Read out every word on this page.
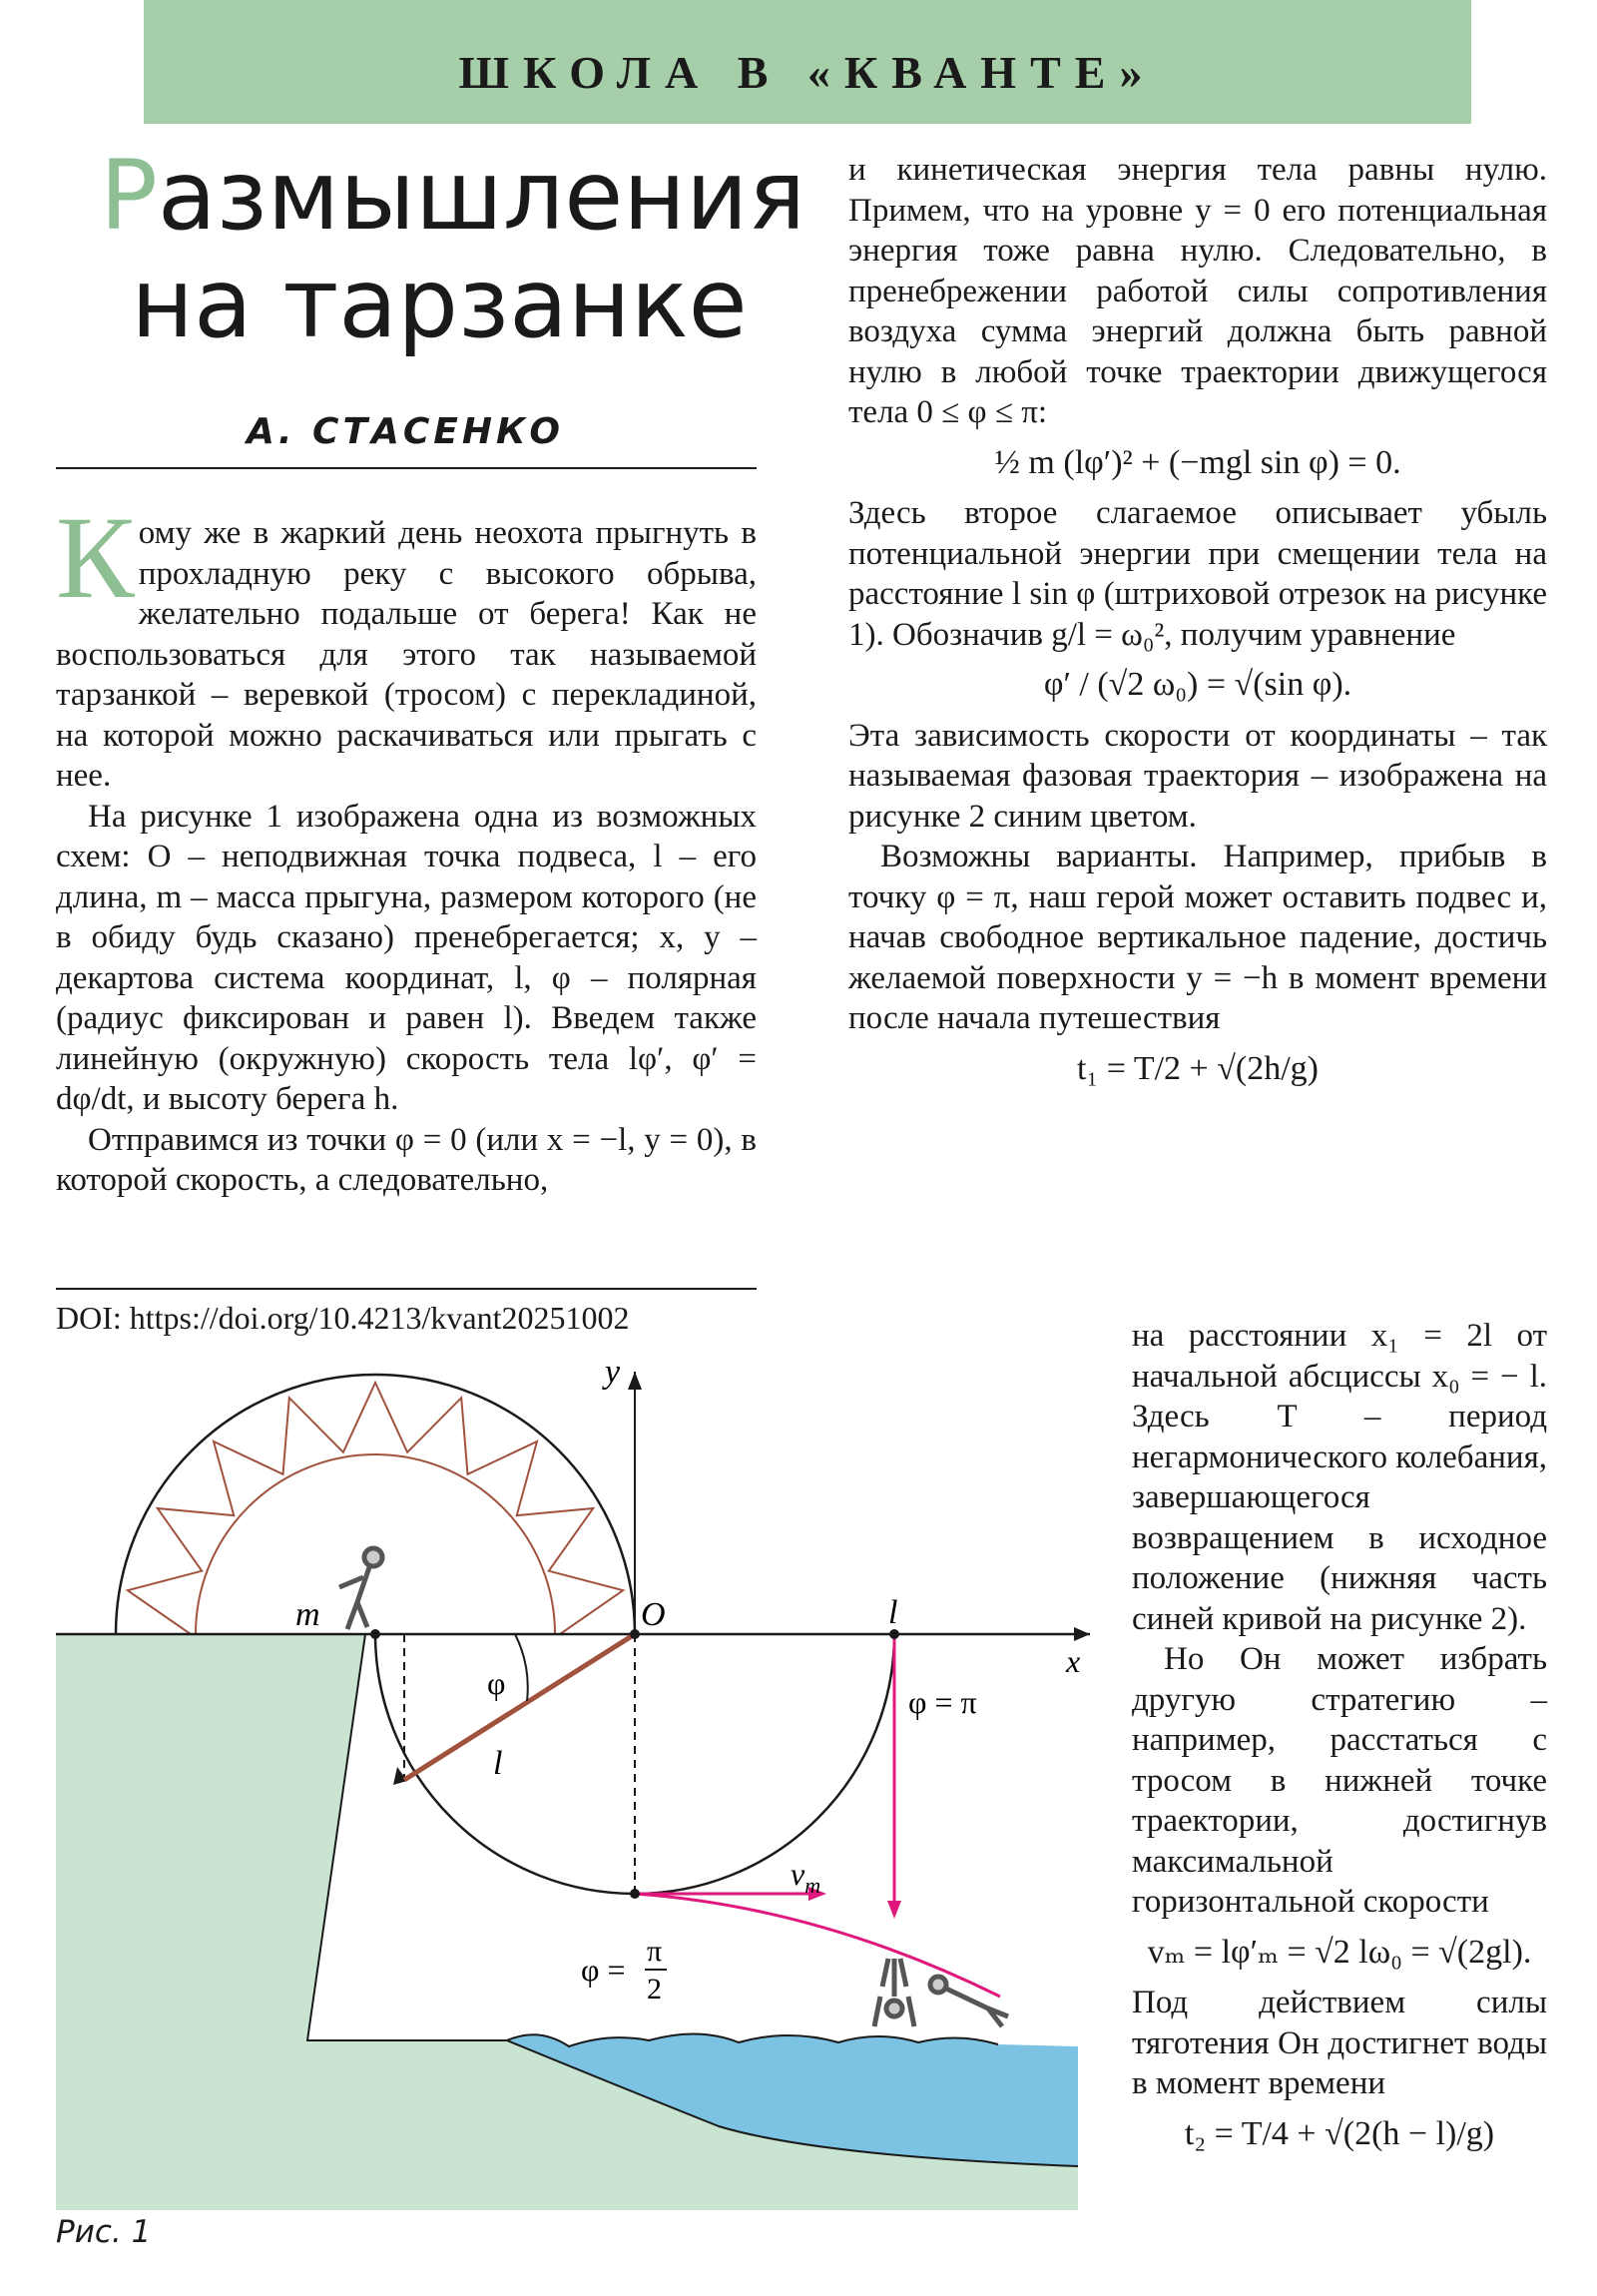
ШКОЛА В «КВАНТЕ»
Размышления
на тарзанке
А. СТАСЕНКО

Кому же в жаркий день неохота прыгнуть в прохладную реку с высокого обрыва, желательно подальше от берега! Как не воспользоваться для этого так называемой тарзанкой – веревкой (тросом) с перекладиной, на которой можно раскачиваться или прыгать с нее.

На рисунке 1 изображена одна из возможных схем: O – неподвижная точка подвеса, l – его длина, m – масса прыгуна, размером которого (не в обиду будь сказано) пренебрегается; x, y – декартова система координат, l, φ – полярная (радиус фиксирован и равен l). Введем также линейную (окружную) скорость тела lφ′, φ′ = dφ/dt, и высоту берега h.

Отправимся из точки φ = 0 (или x = −l, y = 0), в которой скорость, а следовательно,

DOI: https://doi.org/10.4213/kvant20251002

и кинетическая энергия тела равны нулю. Примем, что на уровне y = 0 его потенциальная энергия тоже равна нулю. Следовательно, в пренебрежении работой силы сопротивления воздуха сумма энергий должна быть равной нулю в любой точке траектории движущегося тела 0 ≤ φ ≤ π:

½ m (lφ′)² + (−mgl sin φ) = 0.

Здесь второе слагаемое описывает убыль потенциальной энергии при смещении тела на расстояние l sin φ (штриховой отрезок на рисунке 1). Обозначив g/l = ω₀², получим уравнение

φ′ / (√2 ω₀) = √(sin φ).

Эта зависимость скорости от координаты – так называемая фазовая траектория – изображена на рисунке 2 синим цветом.

Возможны варианты. Например, прибыв в точку φ = π, наш герой может оставить подвес и, начав свободное вертикальное падение, достичь желаемой поверхности y = −h в момент времени после начала путешествия

t₁ = T/2 + √(2h/g)

на расстоянии x₁ = 2l от начальной абсциссы x₀ = − l. Здесь T – период негармонического колебания, завершающегося возвращением в исходное положение (нижняя часть синей кривой на рисунке 2).

Но Он может избрать другую стратегию – например, расстаться с тросом в нижней точке траектории, достигнув максимальной горизонтальной скорости

vₘ = lφ′ₘ = √2 lω₀ = √(2gl).

Под действием силы тяготения Он достигнет воды в момент времени

t₂ = T/4 + √(2(h − l)/g)
y
x
m	O	l
l
φ
φ = π
φ =
π
2
$v_m$
Рис. 1
